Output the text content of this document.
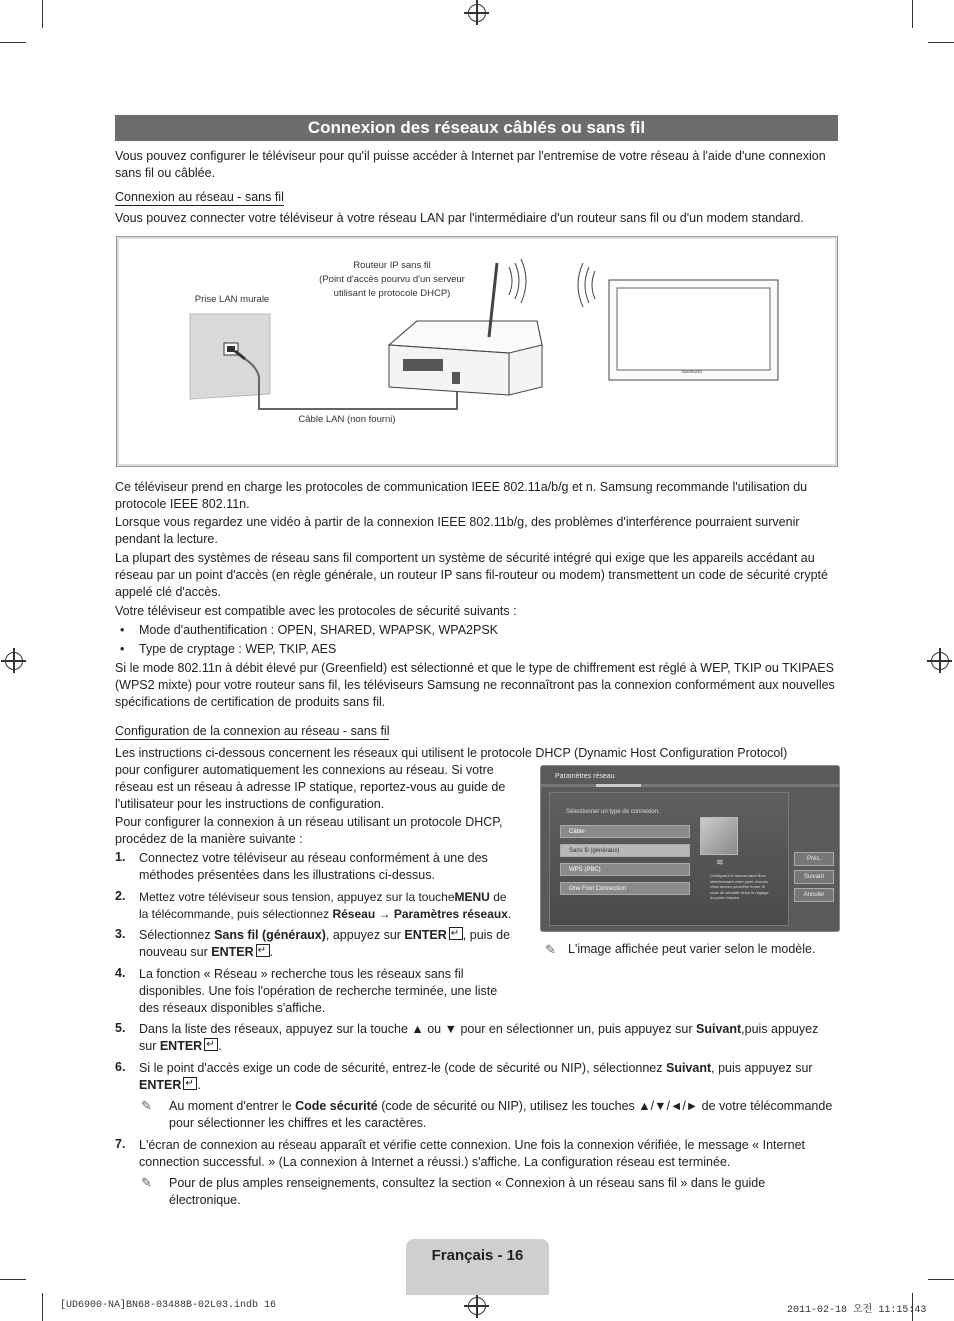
Connexion des réseaux câblés ou sans fil

Vous pouvez configurer le téléviseur pour qu'il puisse accéder à Internet par l'entremise de votre réseau à l'aide d'une connexion sans fil ou câblée.

Connexion au réseau - sans fil

Vous pouvez connecter votre téléviseur à votre réseau LAN par l'intermédiaire d'un routeur sans fil ou d'un modem standard.

Routeur IP sans fil
(Point d'accès pourvu d'un serveur
utilisant le protocole DHCP)
Prise LAN murale
Câble LAN (non fourni)
SAMSUNG

Ce téléviseur prend en charge les protocoles de communication IEEE 802.11a/b/g et n. Samsung recommande l'utilisation du protocole IEEE 802.11n.

Lorsque vous regardez une vidéo à partir de la connexion IEEE 802.11b/g, des problèmes d'interférence pourraient survenir pendant la lecture.

La plupart des systèmes de réseau sans fil comportent un système de sécurité intégré qui exige que les appareils accédant au réseau par un point d'accès (en règle générale, un routeur IP sans fil-routeur ou modem) transmettent un code de sécurité crypté appelé clé d'accès.

Votre téléviseur est compatible avec les protocoles de sécurité suivants :

• Mode d'authentification : OPEN, SHARED, WPAPSK, WPA2PSK
• Type de cryptage : WEP, TKIP, AES

Si le mode 802.11n à débit élevé pur (Greenfield) est sélectionné et que le type de chiffrement est réglé à WEP, TKIP ou TKIPAES (WPS2 mixte) pour votre routeur sans fil, les téléviseurs Samsung ne reconnaîtront pas la connexion conformément aux nouvelles spécifications de certification de produits sans fil.

Configuration de la connexion au réseau - sans fil

Les instructions ci-dessous concernent les réseaux qui utilisent le protocole DHCP (Dynamic Host Configuration Protocol)

pour configurer automatiquement les connexions au réseau. Si votre réseau est un réseau à adresse IP statique, reportez-vous au guide de l'utilisateur pour les instructions de configuration.

Pour configurer la connexion à un réseau utilisant un protocole DHCP, procédez de la manière suivante :

1. Connectez votre téléviseur au réseau conformément à une des méthodes présentées dans les illustrations ci-dessus.
2. Mettez votre téléviseur sous tension, appuyez sur la toucheMENU de la télécommande, puis sélectionnez Réseau → Paramètres réseaux.
3. Sélectionnez Sans fil (généraux), appuyez sur ENTER ↵ , puis de nouveau sur ENTER ↵ .
4. La fonction « Réseau » recherche tous les réseaux sans fil disponibles. Une fois l'opération de recherche terminée, une liste des réseaux disponibles s'affiche.
5. Dans la liste des réseaux, appuyez sur la touche ▲ ou ▼ pour en sélectionner un, puis appuyez sur Suivant,puis appuyez sur ENTER ↵ .
6. Si le point d'accès exige un code de sécurité, entrez-le (code de sécurité ou NIP), sélectionnez Suivant, puis appuyez sur ENTER ↵ .
✎	Au moment d'entrer le Code sécurité (code de sécurité ou NIP), utilisez les touches ▲/▼/◄/► de votre télécommande pour sélectionner les chiffres et les caractères.
7. L'écran de connexion au réseau apparaît et vérifie cette connexion. Une fois la connexion vérifiée, le message « Internet connection successful. » (La connexion à Internet a réussi.) s'affiche. La configuration réseau est terminée.
✎	Pour de plus amples renseignements, consultez la section « Connexion à un réseau sans fil » dans le guide électronique.
Paramètres réseau
Sélectionner un type de connexion.
Câble
Sans fil (généraux)
WPS (PBC)
One Foot Connection
≋
Configurez le réseau sans fil en sélectionnant votre point d'accès. Vous devrez peut-être entrer le code de sécurité selon le réglage du point d'accès.
Préc.
Suivant
Annuler
✎ L'image affichée peut varier selon le modèle.
Français - 16
[UD6900-NA]BN68-03488B-02L03.indb 16	2011-02-18 오전 11:15:43
